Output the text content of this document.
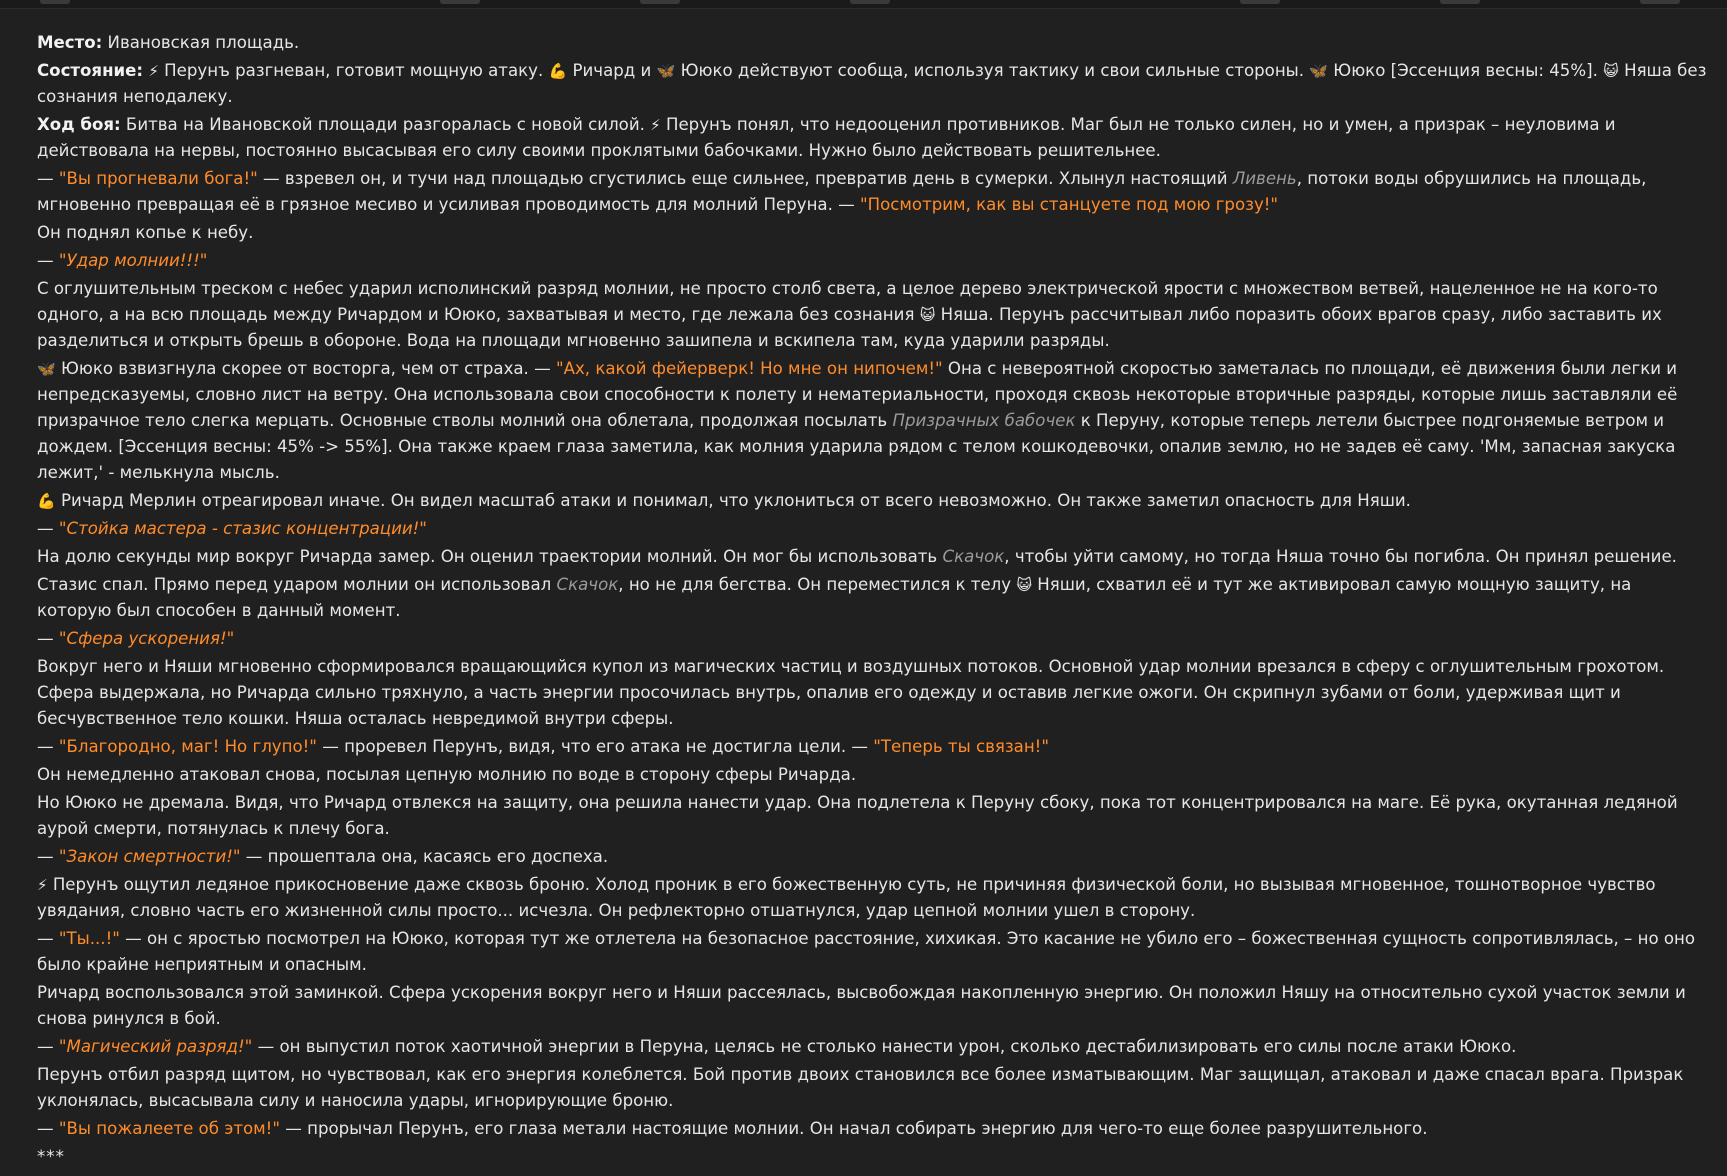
Место: Ивановская площадь.

Состояние: ⚡ Перунъ разгневан, готовит мощную атаку. 💪 Ричард и 🦋 Ююко действуют сообща, используя тактику и свои сильные стороны. 🦋 Ююко [Эссенция весны: 45%]. 😺 Няша без сознания неподалеку.

Ход боя: Битва на Ивановской площади разгоралась с новой силой. ⚡ Перунъ понял, что недооценил противников. Маг был не только силен, но и умен, а призрак – неуловима и действовала на нервы, постоянно высасывая его силу своими проклятыми бабочками. Нужно было действовать решительнее.

— "Вы прогневали бога!" — взревел он, и тучи над площадью сгустились еще сильнее, превратив день в сумерки. Хлынул настоящий Ливень, потоки воды обрушились на площадь, мгновенно превращая её в грязное месиво и усиливая проводимость для молний Перуна. — "Посмотрим, как вы станцуете под мою грозу!"

Он поднял копье к небу.

— "Удар молнии!!!"

С оглушительным треском с небес ударил исполинский разряд молнии, не просто столб света, а целое дерево электрической ярости с множеством ветвей, нацеленное не на кого-то одного, а на всю площадь между Ричардом и Ююко, захватывая и место, где лежала без сознания 😺 Няша. Перунъ рассчитывал либо поразить обоих врагов сразу, либо заставить их разделиться и открыть брешь в обороне. Вода на площади мгновенно зашипела и вскипела там, куда ударили разряды.

🦋 Ююко взвизгнула скорее от восторга, чем от страха. — "Ах, какой фейерверк! Но мне он нипочем!" Она с невероятной скоростью заметалась по площади, её движения были легки и непредсказуемы, словно лист на ветру. Она использовала свои способности к полету и нематериальности, проходя сквозь некоторые вторичные разряды, которые лишь заставляли её призрачное тело слегка мерцать. Основные стволы молний она облетала, продолжая посылать Призрачных бабочек к Перуну, которые теперь летели быстрее подгоняемые ветром и дождем. [Эссенция весны: 45% -> 55%]. Она также краем глаза заметила, как молния ударила рядом с телом кошкодевочки, опалив землю, но не задев её саму. 'Мм, запасная закуска лежит,' - мелькнула мысль.

💪 Ричард Мерлин отреагировал иначе. Он видел масштаб атаки и понимал, что уклониться от всего невозможно. Он также заметил опасность для Няши.

— "Стойка мастера - стазис концентрации!"

На долю секунды мир вокруг Ричарда замер. Он оценил траектории молний. Он мог бы использовать Скачок, чтобы уйти самому, но тогда Няша точно бы погибла. Он принял решение.

Стазис спал. Прямо перед ударом молнии он использовал Скачок, но не для бегства. Он переместился к телу 😺 Няши, схватил её и тут же активировал самую мощную защиту, на которую был способен в данный момент.

— "Сфера ускорения!"

Вокруг него и Няши мгновенно сформировался вращающийся купол из магических частиц и воздушных потоков. Основной удар молнии врезался в сферу с оглушительным грохотом. Сфера выдержала, но Ричарда сильно тряхнуло, а часть энергии просочилась внутрь, опалив его одежду и оставив легкие ожоги. Он скрипнул зубами от боли, удерживая щит и бесчувственное тело кошки. Няша осталась невредимой внутри сферы.

— "Благородно, маг! Но глупо!" — проревел Перунъ, видя, что его атака не достигла цели. — "Теперь ты связан!"

Он немедленно атаковал снова, посылая цепную молнию по воде в сторону сферы Ричарда.

Но Ююко не дремала. Видя, что Ричард отвлекся на защиту, она решила нанести удар. Она подлетела к Перуну сбоку, пока тот концентрировался на маге. Её рука, окутанная ледяной аурой смерти, потянулась к плечу бога.

— "Закон смертности!" — прошептала она, касаясь его доспеха.

⚡ Перунъ ощутил ледяное прикосновение даже сквозь броню. Холод проник в его божественную суть, не причиняя физической боли, но вызывая мгновенное, тошнотворное чувство увядания, словно часть его жизненной силы просто... исчезла. Он рефлекторно отшатнулся, удар цепной молнии ушел в сторону.

— "Ты...!" — он с яростью посмотрел на Ююко, которая тут же отлетела на безопасное расстояние, хихикая. Это касание не убило его – божественная сущность сопротивлялась, – но оно было крайне неприятным и опасным.

Ричард воспользовался этой заминкой. Сфера ускорения вокруг него и Няши рассеялась, высвобождая накопленную энергию. Он положил Няшу на относительно сухой участок земли и снова ринулся в бой.

— "Магический разряд!" — он выпустил поток хаотичной энергии в Перуна, целясь не столько нанести урон, сколько дестабилизировать его силы после атаки Ююко.

Перунъ отбил разряд щитом, но чувствовал, как его энергия колеблется. Бой против двоих становился все более изматывающим. Маг защищал, атаковал и даже спасал врага. Призрак уклонялась, высасывала силу и наносила удары, игнорирующие броню.

— "Вы пожалеете об этом!" — прорычал Перунъ, его глаза метали настоящие молнии. Он начал собирать энергию для чего-то еще более разрушительного.

***
